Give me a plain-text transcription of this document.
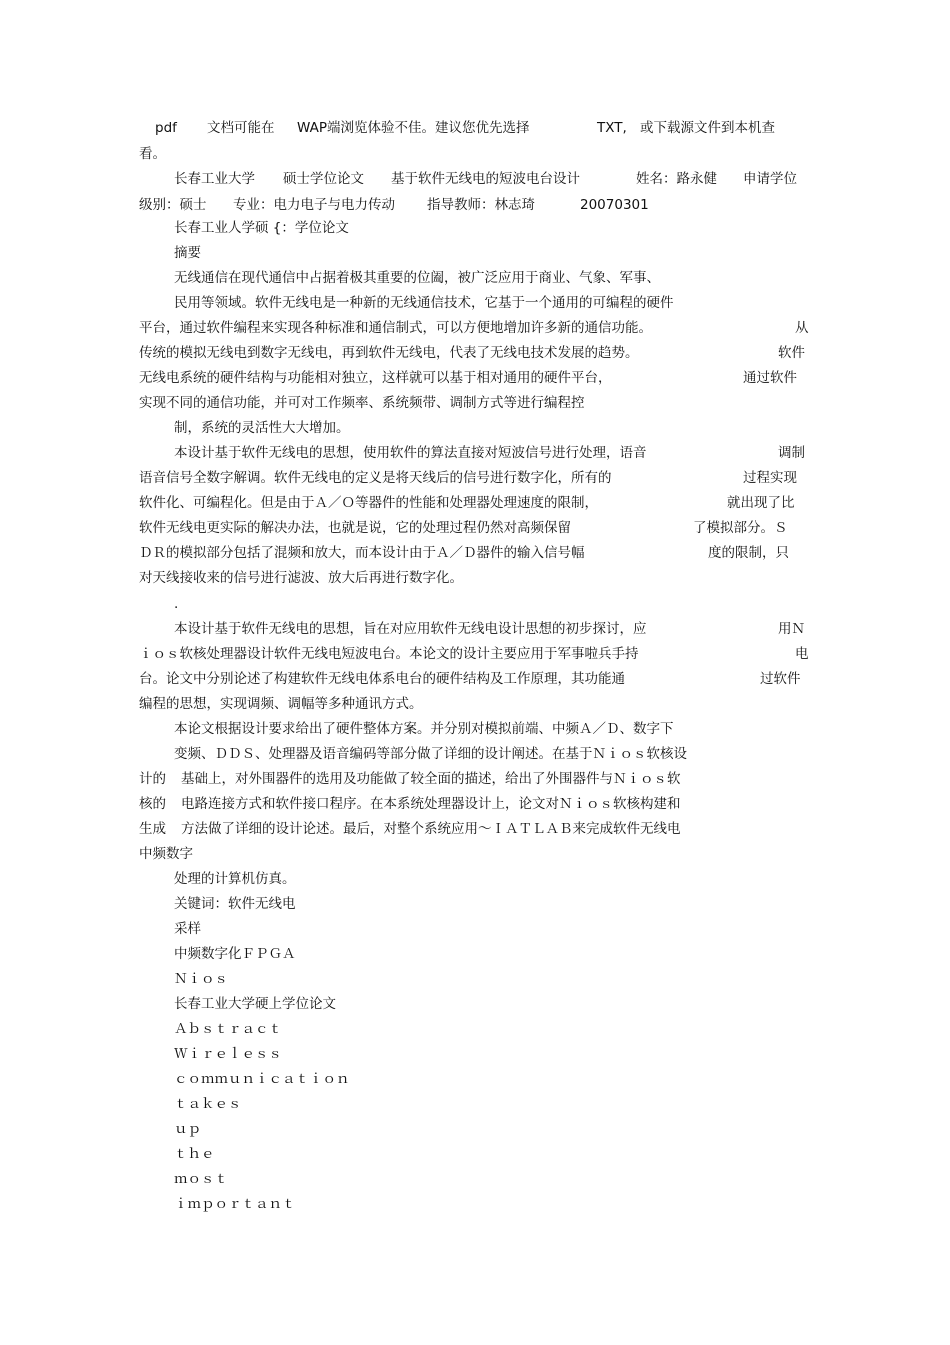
pdf 文档可能在 WAP端浏览体验不佳。建议您优先选择	TXT, 或下载源文件到本机查
看。
长春工业大学 硕士学位论文 基于软件无线电的短波电台设计	姓名：路永健 申请学位
级别：硕士 专业：电力电子与电力传动 指导教师：林志琦	20070301
长春工业人学硕 {：学位论文
摘要
无线通信在现代通信中占据着极其重要的位阖，被广泛应用于商业、气象、军事、
民用等领域。软件无线电是一种新的无线通信技术，它基于一个通用的可编程的硬件
平台，通过软件编程来实现各种标准和通信制式，可以方便地增加许多新的通信功能。	从
传统的模拟无线电到数字无线电，再到软件无线电，代表了无线电技术发展的趋势。	软件
无线电系统的硬件结构与功能相对独立，这样就可以基于相对通用的硬件平台，	通过软件
实现不同的通信功能，并可对工作频率、系统频带、调制方式等进行编程控
制，系统的灵活性大大增加。
本设计基于软件无线电的思想，使用软件的算法直接对短波信号进行处理，语音	调制
语音信号全数字解调。软件无线电的定义是将天线后的信号进行数字化，所有的	过程实现
软件化、可编程化。但是由于Ａ／Ｏ等器件的性能和处理器处理速度的限制，	就出现了比
软件无线电更实际的解决办法，也就是说，它的处理过程仍然对高频保留	了模拟部分。Ｓ
ＤＲ的模拟部分包括了混频和放大，而本设计由于Ａ／Ｄ器件的输入信号幅	度的限制，只
对天线接收来的信号进行滤波、放大后再进行数字化。
.
本设计基于软件无线电的思想，旨在对应用软件无线电设计思想的初步探讨，应	用Ｎ
ｉｏｓ软核处理器设计软件无线电短波电台。本论文的设计主要应用于军事啦兵手持	电
台。论文中分别论述了构建软件无线电体系电台的硬件结构及工作原理，其功能通	过软件
编程的思想，实现调频、调幅等多种通讯方式。
本论文根据设计要求给出了硬件整体方案。并分别对模拟前端、中频Ａ／Ｄ、数字下
变频、ＤＤＳ、处理器及语音编码等部分做了详细的设计阐述。在基于Ｎｉｏｓ软核设
计的 基础上，对外围器件的选用及功能做了较全面的描述，给出了外围器件与Ｎｉｏｓ软
核的 电路连接方式和软件接口程序。在本系统处理器设计上，论文对Ｎｉｏｓ软核构建和
生成 方法做了详细的设计论述。最后，对整个系统应用～ＩＡＴＬＡＢ来完成软件无线电
中频数字
处理的计算机仿真。
关键词：软件无线电
采样
中频数字化ＦＰＧＡ
Ｎｉｏｓ
长春工业大学硬上学位论文
Ａｂｓｔｒａｃｔ
Ｗｉｒｅｌｅｓｓ
ｃｏｍｍｕｎｉｃａｔｉｏｎ
ｔａｋｅｓ
ｕｐ
ｔｈｅ
ｍｏｓｔ
ｉｍｐｏｒｔａｎｔ
